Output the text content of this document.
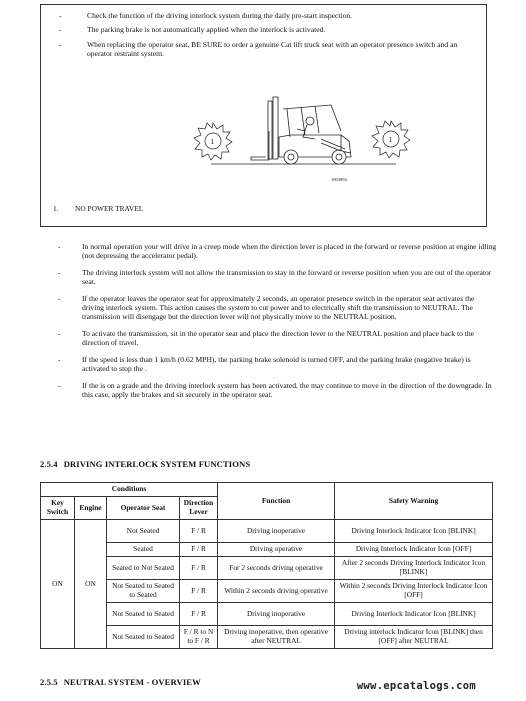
-	Check the function of the driving interlock system during the daily pre-start inspection.
-	The parking brake is not automatically applied when the interlock is activated.
-	When replacing the operator seat, BE SURE to order a genuine Cat lift truck seat with an operator presence switch and an operator restraint system.
1	1
1003894
1.	NO POWER TRAVEL
-	In normal operation your will drive in a creep mode when the direction lever is placed in the forward or reverse position at engine idling (not depressing the accelerator pedal).
-	The driving interlock system will not allow the transmission to stay in the forward or reverse position when you are out of the operator seat.
-	If the operator leaves the operator seat for approximately 2 seconds, an operator presence switch in the operator seat activates the driving interlock system. This action causes the system to cut power and to electrically shift the transmission to NEUTRAL. The transmission will disengage but the direction lever will not physically move to the NEUTRAL position.
-	To activate the transmission, sit in the operator seat and place the direction lever to the NEUTRAL position and place back to the direction of travel.
-	If the speed is less than 1 km/h (0.62 MPH), the parking brake solenoid is turned OFF, and the parking brake (negative brake) is activated to stop the .
-	If the is on a grade and the driving interlock system has been activated, the may continue to move in the direction of the downgrade. In this case, apply the brakes and sit securely in the operator seat.
2.5.4 DRIVING INTERLOCK SYSTEM FUNCTIONS
Conditions				Function	Safety Warning
Key Switch	Engine	Operator Seat	Direction Lever		
ON	ON	Not Seated	F / R	Driving inoperative	Driving Interlock Indicator Icon [BLINK]
		Seated	F / R	Driving operative	Driving Interlock Indicator Icon [OFF]
		Seated to Not Seated	F / R	For 2 seconds driving operative	After 2 seconds Driving Interlock Indicator Icon [BLINK]
		Not Seated to Seated to Seated	F / R	Within 2 seconds driving operative	Within 2 seconds Driving Interlock Indicator Icon [OFF]
		Not Seated to Seated	F / R	Driving inoperative	Driving Interlock Indicator Icon [BLINK]
		Not Seated to Seated	F / R to N to F / R	Driving inoperative, then operative after NEUTRAL	Driving interlock Indicator Icon [BLINK] then [OFF] after NEUTRAL
2.5.5 NEUTRAL SYSTEM - OVERVIEW	www.epcatalogs.com
